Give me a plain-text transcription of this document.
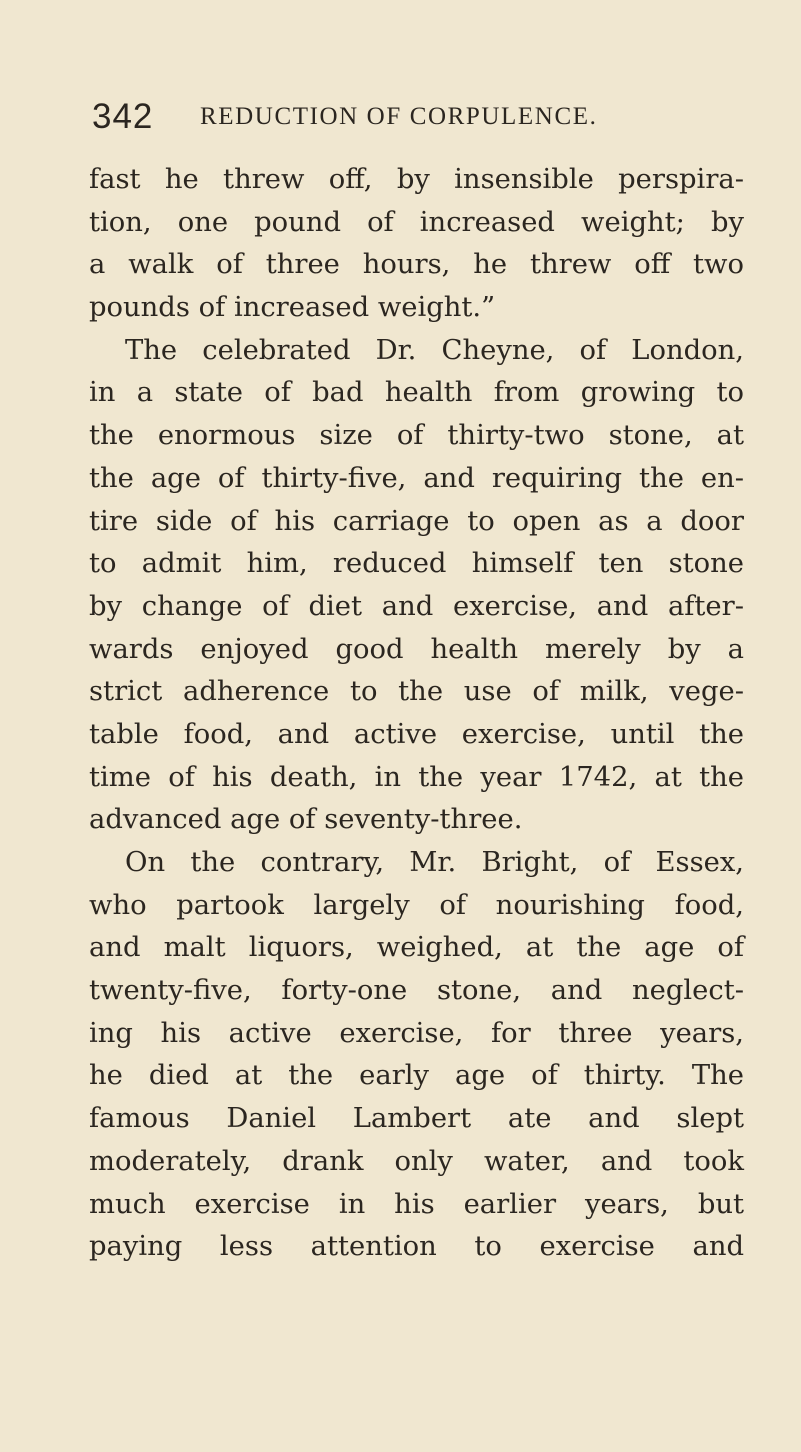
342 REDUCTION OF CORPULENCE.
fast he threw off, by insensible perspira-
tion, one pound of increased weight; by
a walk of three hours, he threw off two
pounds of increased weight.”
The celebrated Dr. Cheyne, of London,
in a state of bad health from growing to
the enormous size of thirty-two stone, at
the age of thirty-five, and requiring the en-
tire side of his carriage to open as a door
to admit him, reduced himself ten stone
by change of diet and exercise, and after-
wards enjoyed good health merely by a
strict adherence to the use of milk, vege-
table food, and active exercise, until the
time of his death, in the year 1742, at the
advanced age of seventy-three.
On the contrary, Mr. Bright, of Essex,
who partook largely of nourishing food,
and malt liquors, weighed, at the age of
twenty-five, forty-one stone, and neglect-
ing his active exercise, for three years,
he died at the early age of thirty. The
famous Daniel Lambert ate and slept
moderately, drank only water, and took
much exercise in his earlier years, but
paying less attention to exercise and
